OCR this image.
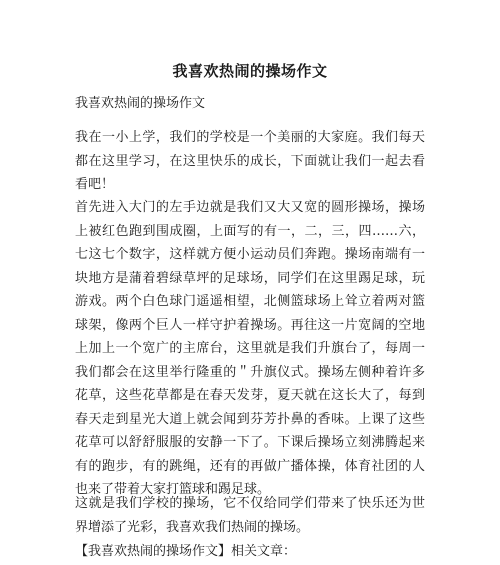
我喜欢热闹的操场作文
我喜欢热闹的操场作文

我在一小上学，我们的学校是一个美丽的大家庭。我们每天都在这里学习，在这里快乐的成长，下面就让我们一起去看看吧！

首先进入大门的左手边就是我们又大又宽的圆形操场，操场上被红色跑到围成圈，上面写的有一，二，三，四……六，七这七个数字，这样就方便小运动员们奔跑。操场南端有一块地方是蒲着碧绿草坪的足球场，同学们在这里踢足球，玩游戏。两个白色球门遥遥相望，北侧篮球场上耸立着两对篮球架，像两个巨人一样守护着操场。再往这一片宽阔的空地上加上一个宽广的主席台，这里就是我们升旗台了，每周一我们都会在这里举行隆重的＂升旗仪式。操场左侧种着许多花草，这些花草都是在春天发芽，夏天就在这长大了，每到春天走到星光大道上就会闻到芬芳扑鼻的香味。上课了这些花草可以舒舒服服的安静一下了。下课后操场立刻沸腾起来有的跑步，有的跳绳，还有的再做广播体操，体育社团的人也来了带着大家打篮球和踢足球。

这就是我们学校的操场，它不仅给同学们带来了快乐还为世界增添了光彩，我喜欢我们热闹的操场。

【我喜欢热闹的操场作文】相关文章：
